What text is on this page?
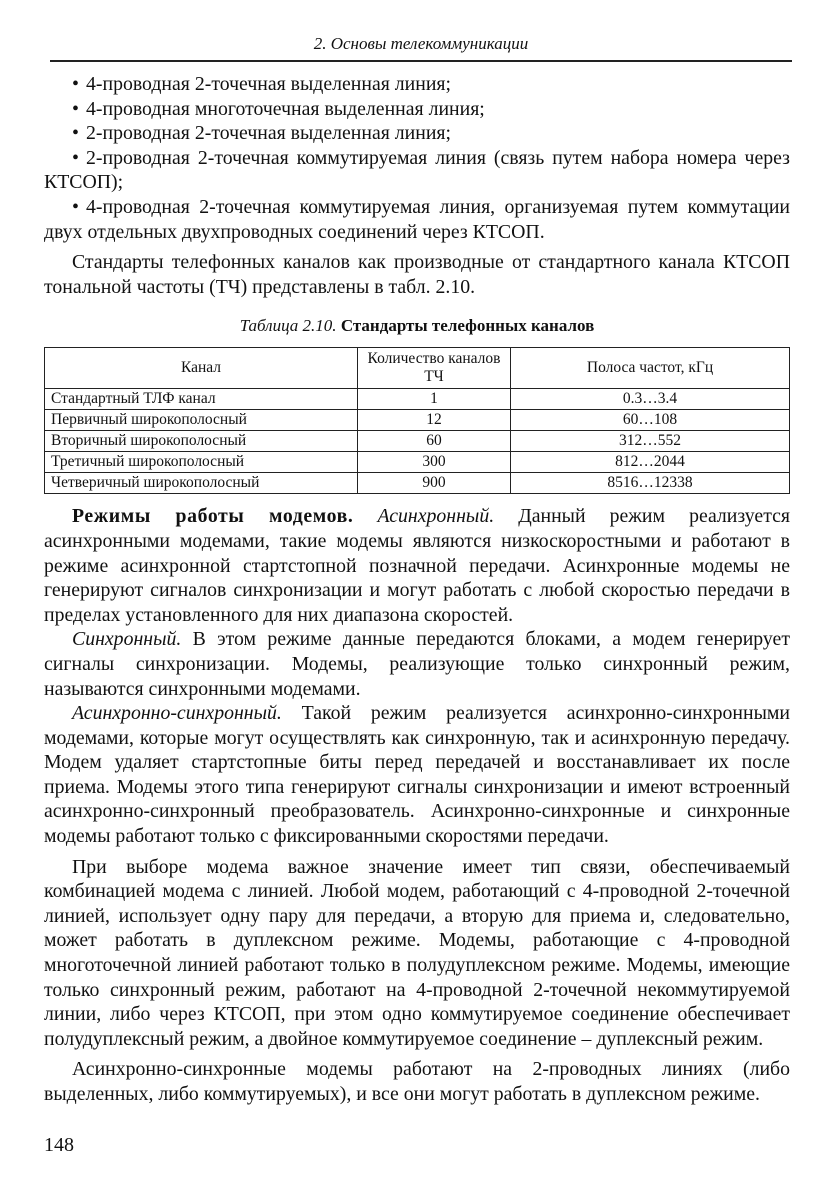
2. Основы телекоммуникации

• 4-проводная 2-точечная выделенная линия;

• 4-проводная многоточечная выделенная линия;

• 2-проводная 2-точечная выделенная линия;

• 2-проводная 2-точечная коммутируемая линия (связь путем набора номера через КТСОП);

• 4-проводная 2-точечная коммутируемая линия, организуемая путем коммутации двух отдельных двухпроводных соединений через КТСОП.

Стандарты телефонных каналов как производные от стандартного канала КТСОП тональной частоты (ТЧ) представлены в табл. 2.10.

Таблица 2.10. Стандарты телефонных каналов

Канал	Количество каналов ТЧ	Полоса частот, кГц
Стандартный ТЛФ канал	1	0.3…3.4
Первичный широкополосный	12	60…108
Вторичный широкополосный	60	312…552
Третичный широкополосный	300	812…2044
Четверичный широкополосный	900	8516…12338

Режимы работы модемов. Асинхронный. Данный режим реализуется асинхронными модемами, такие модемы являются низкоскоростными и работают в режиме асинхронной стартстопной позначной передачи. Асинхронные модемы не генерируют сигналов синхронизации и могут работать с любой скоростью передачи в пределах установленного для них диапазона скоростей.

Синхронный. В этом режиме данные передаются блоками, а модем генерирует сигналы синхронизации. Модемы, реализующие только синхронный режим, называются синхронными модемами.

Асинхронно-синхронный. Такой режим реализуется асинхронно-синхронными модемами, которые могут осуществлять как синхронную, так и асинхронную передачу. Модем удаляет стартстопные биты перед передачей и восстанавливает их после приема. Модемы этого типа генерируют сигналы синхронизации и имеют встроенный асинхронно-синхронный преобразователь. Асинхронно-синхронные и синхронные модемы работают только с фиксированными скоростями передачи.

При выборе модема важное значение имеет тип связи, обеспечиваемый комбинацией модема с линией. Любой модем, работающий с 4-проводной 2-точечной линией, использует одну пару для передачи, а вторую для приема и, следовательно, может работать в дуплексном режиме. Модемы, работающие с 4-проводной многоточечной линией работают только в полудуплексном режиме. Модемы, имеющие только синхронный режим, работают на 4-проводной 2-точечной некоммутируемой линии, либо через КТСОП, при этом одно коммутируемое соединение обеспечивает полудуплексный режим, а двойное коммутируемое соединение – дуплексный режим.

Асинхронно-синхронные модемы работают на 2-проводных линиях (либо выделенных, либо коммутируемых), и все они могут работать в дуплексном режиме.

148
